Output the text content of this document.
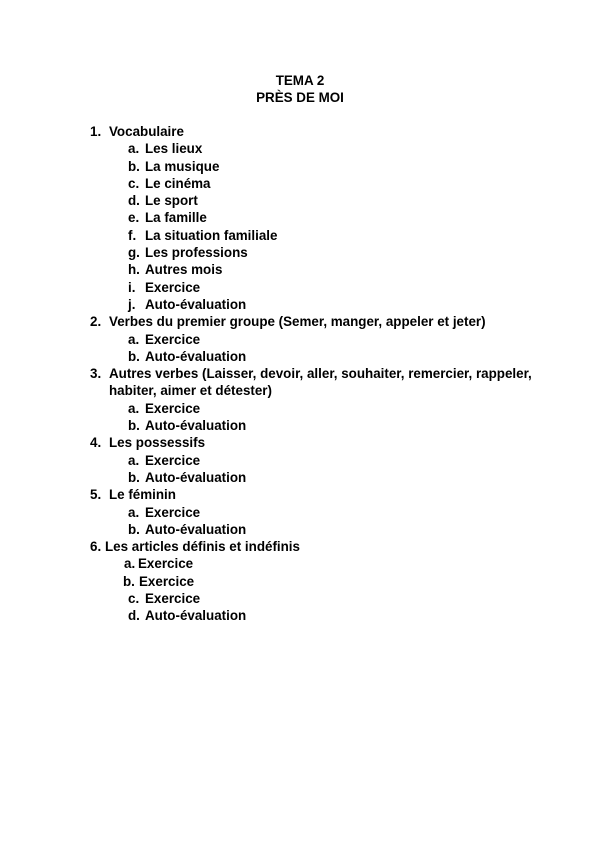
TEMA 2
PRÈS DE MOI
1. Vocabulaire
a. Les lieux
b. La musique
c. Le cinéma
d. Le sport
e. La famille
f. La situation familiale
g. Les professions
h. Autres mois
i. Exercice
j. Auto-évaluation
2. Verbes du premier groupe (Semer, manger, appeler et jeter)
a. Exercice
b. Auto-évaluation
3. Autres verbes (Laisser, devoir, aller, souhaiter, remercier, rappeler, habiter, aimer et détester)
a. Exercice
b. Auto-évaluation
4. Les possessifs
a. Exercice
b. Auto-évaluation
5. Le féminin
a. Exercice
b. Auto-évaluation
6. Les articles définis et indéfinis
a. Exercice
b. Exercice
c. Exercice
d. Auto-évaluation
